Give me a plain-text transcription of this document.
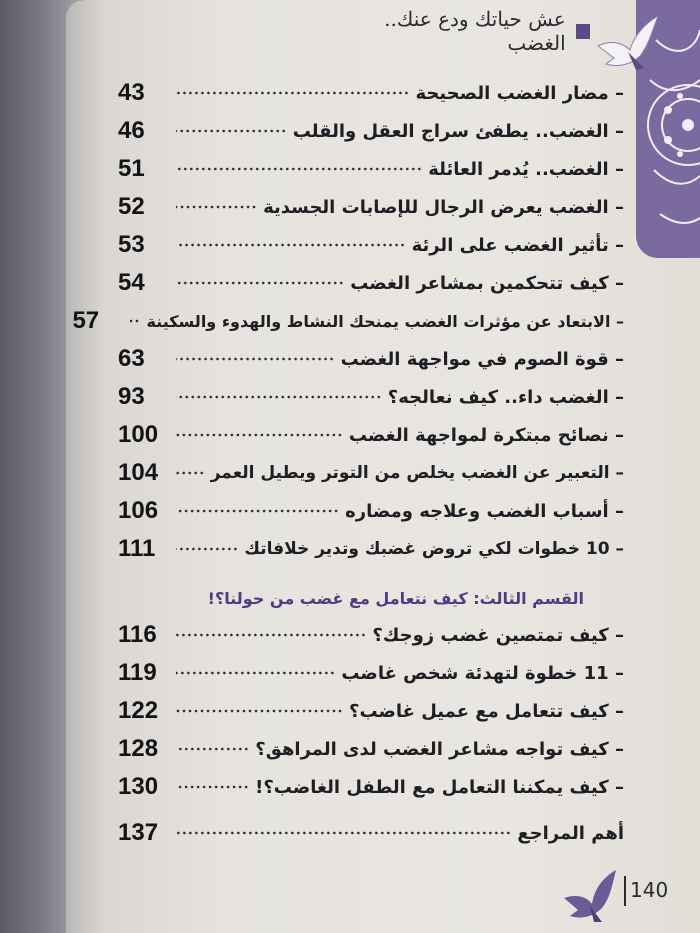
عش حياتك ودع عنك.. الغضب
– مضار الغضب الصحيحة
43
– الغضب.. يطفئ سراج العقل والقلب
46
– الغضب.. يُدمر العائلة
51
– الغضب يعرض الرجال للإصابات الجسدية
52
– تأثير الغضب على الرئة
53
– كيف تتحكمين بمشاعر الغضب
54
– الابتعاد عن مؤثرات الغضب يمنحك النشاط والهدوء والسكينة
57
– قوة الصوم في مواجهة الغضب
63
– الغضب داء.. كيف نعالجه؟
93
– نصائح مبتكرة لمواجهة الغضب
100
– التعبير عن الغضب يخلص من التوتر ويطيل العمر
104
– أسباب الغضب وعلاجه ومضاره
106
– 10 خطوات لكي تروض غضبك وتدير خلافاتك
111
القسم الثالث: كيف نتعامل مع غضب من حولنا؟!
– كيف تمتصين غضب زوجك؟
116
– 11 خطوة لتهدئة شخص غاضب
119
– كيف تتعامل مع عميل غاضب؟
122
– كيف تواجه مشاعر الغضب لدى المراهق؟
128
– كيف يمكننا التعامل مع الطفل الغاضب؟!
130
أهم المراجع
137
140
